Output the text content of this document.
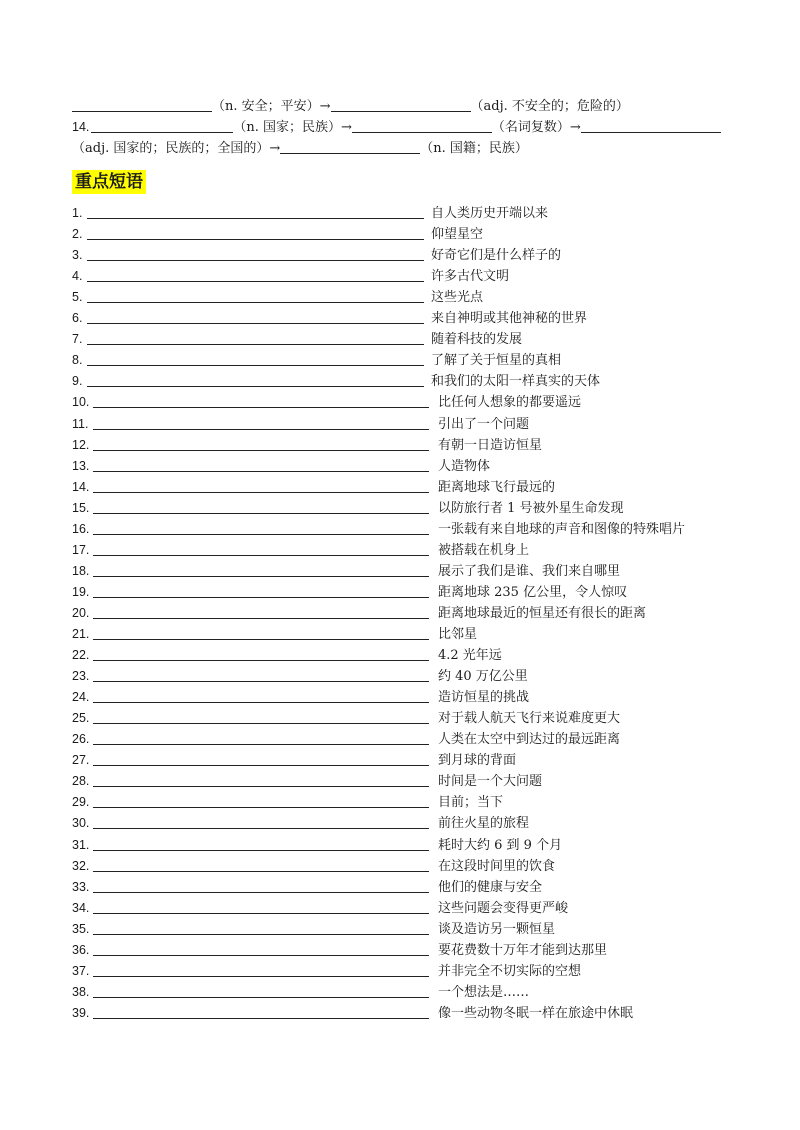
（n. 安全；平安）→	（adj. 不安全的；危险的）
14.	（n. 国家；民族）→	（名词复数）→
（adj. 国家的；民族的；全国的）→	（n. 国籍；民族）
重点短语
1.	自人类历史开端以来
2.	仰望星空
3.	好奇它们是什么样子的
4.	许多古代文明
5.	这些光点
6.	来自神明或其他神秘的世界
7.	随着科技的发展
8.	了解了关于恒星的真相
9.	和我们的太阳一样真实的天体
10.	比任何人想象的都要遥远
11.	引出了一个问题
12.	有朝一日造访恒星
13.	人造物体
14.	距离地球飞行最远的
15.	以防旅行者 1 号被外星生命发现
16.	一张载有来自地球的声音和图像的特殊唱片
17.	被搭载在机身上
18.	展示了我们是谁、我们来自哪里
19.	距离地球 235 亿公里，令人惊叹
20.	距离地球最近的恒星还有很长的距离
21.	比邻星
22.	4.2 光年远
23.	约 40 万亿公里
24.	造访恒星的挑战
25.	对于载人航天飞行来说难度更大
26.	人类在太空中到达过的最远距离
27.	到月球的背面
28.	时间是一个大问题
29.	目前；当下
30.	前往火星的旅程
31.	耗时大约 6 到 9 个月
32.	在这段时间里的饮食
33.	他们的健康与安全
34.	这些问题会变得更严峻
35.	谈及造访另一颗恒星
36.	要花费数十万年才能到达那里
37.	并非完全不切实际的空想
38.	一个想法是……
39.	像一些动物冬眠一样在旅途中休眠
